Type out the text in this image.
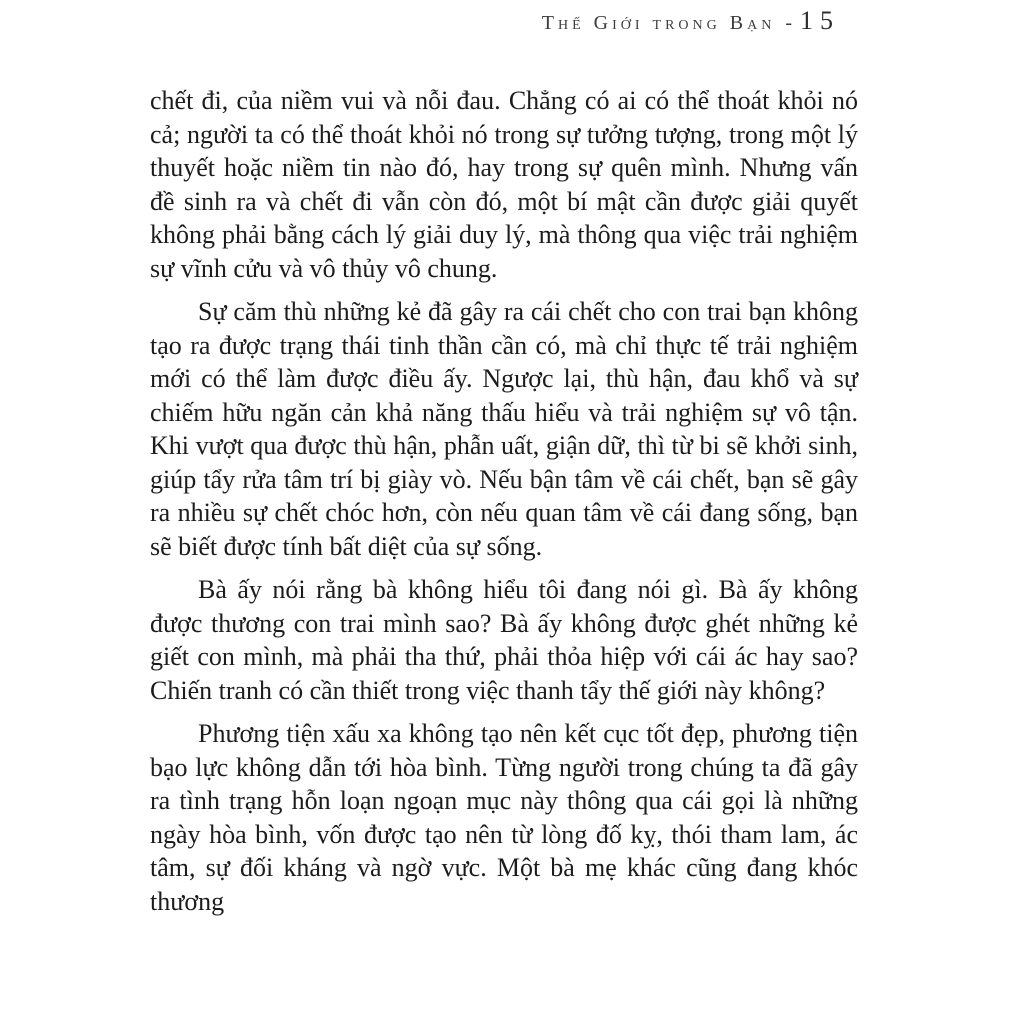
Thế Giới trong Bạn - 15

chết đi, của niềm vui và nỗi đau. Chẳng có ai có thể thoát khỏi nó cả; người ta có thể thoát khỏi nó trong sự tưởng tượng, trong một lý thuyết hoặc niềm tin nào đó, hay trong sự quên mình. Nhưng vấn đề sinh ra và chết đi vẫn còn đó, một bí mật cần được giải quyết không phải bằng cách lý giải duy lý, mà thông qua việc trải nghiệm sự vĩnh cửu và vô thủy vô chung.

Sự căm thù những kẻ đã gây ra cái chết cho con trai bạn không tạo ra được trạng thái tinh thần cần có, mà chỉ thực tế trải nghiệm mới có thể làm được điều ấy. Ngược lại, thù hận, đau khổ và sự chiếm hữu ngăn cản khả năng thấu hiểu và trải nghiệm sự vô tận. Khi vượt qua được thù hận, phẫn uất, giận dữ, thì từ bi sẽ khởi sinh, giúp tẩy rửa tâm trí bị giày vò. Nếu bận tâm về cái chết, bạn sẽ gây ra nhiều sự chết chóc hơn, còn nếu quan tâm về cái đang sống, bạn sẽ biết được tính bất diệt của sự sống.

Bà ấy nói rằng bà không hiểu tôi đang nói gì. Bà ấy không được thương con trai mình sao? Bà ấy không được ghét những kẻ giết con mình, mà phải tha thứ, phải thỏa hiệp với cái ác hay sao? Chiến tranh có cần thiết trong việc thanh tẩy thế giới này không?

Phương tiện xấu xa không tạo nên kết cục tốt đẹp, phương tiện bạo lực không dẫn tới hòa bình. Từng người trong chúng ta đã gây ra tình trạng hỗn loạn ngoạn mục này thông qua cái gọi là những ngày hòa bình, vốn được tạo nên từ lòng đố kỵ, thói tham lam, ác tâm, sự đối kháng và ngờ vực. Một bà mẹ khác cũng đang khóc thương
